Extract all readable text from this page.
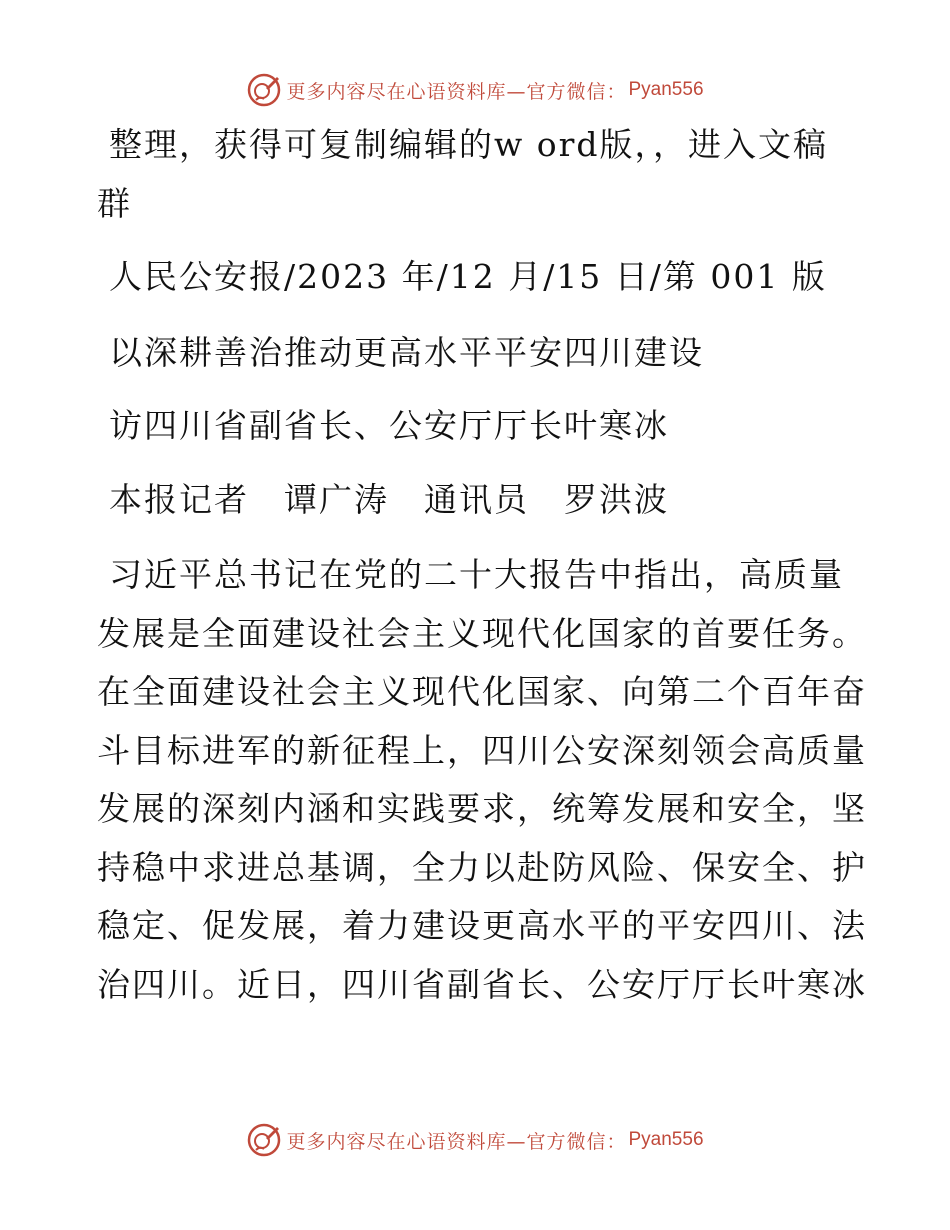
更多内容尽在心语资料库—官方微信： Pyan556
整理，获得可复制编辑的w ord版，，进入文稿
群
人民公安报/2023 年/12 月/15 日/第 001 版
以深耕善治推动更高水平平安四川建设
访四川省副省长、公安厅厅长叶寒冰
本报记者　谭广涛　通讯员　罗洪波
习近平总书记在党的二十大报告中指出，高质量
发展是全面建设社会主义现代化国家的首要任务。
在全面建设社会主义现代化国家、向第二个百年奋
斗目标进军的新征程上，四川公安深刻领会高质量
发展的深刻内涵和实践要求，统筹发展和安全，坚
持稳中求进总基调，全力以赴防风险、保安全、护
稳定、促发展，着力建设更高水平的平安四川、法
治四川。近日，四川省副省长、公安厅厅长叶寒冰
更多内容尽在心语资料库—官方微信： Pyan556
